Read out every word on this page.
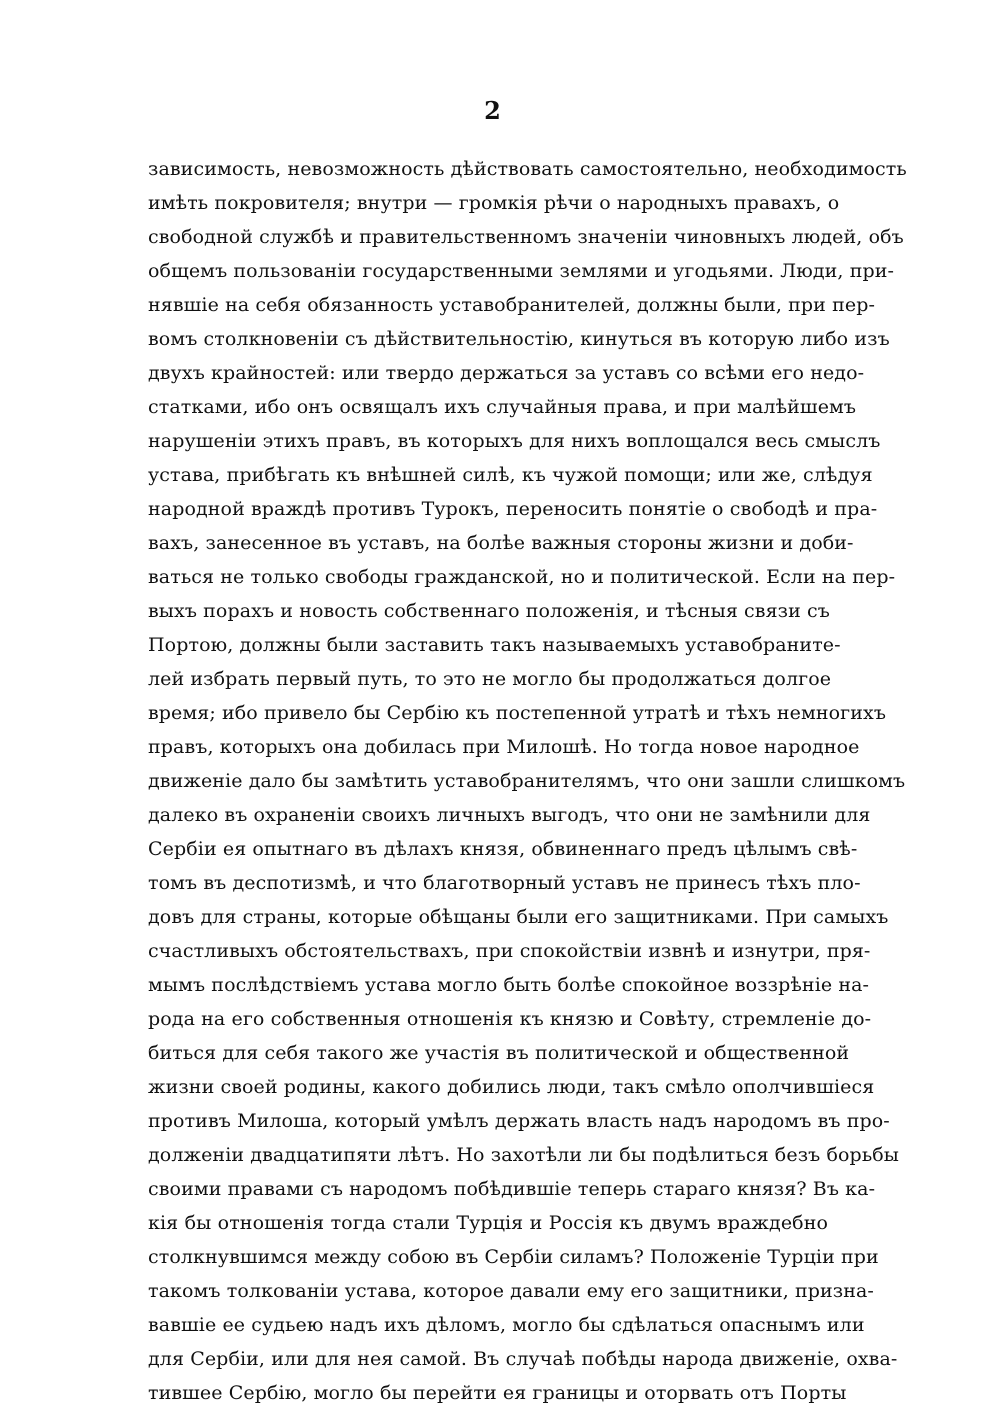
2
зависимость, невозможность дѣйствовать самостоятельно, необходимость
имѣть покровителя; внутри — громкія рѣчи о народныхъ правахъ, о
свободной службѣ и правительственномъ значеніи чиновныхъ людей, объ
общемъ пользованіи государственными землями и угодьями. Люди, при-
нявшіе на себя обязанность уставобранителей, должны были, при пер-
вомъ столкновеніи съ дѣйствительностію, кинуться въ которую либо изъ
двухъ крайностей: или твердо держаться за уставъ со всѣми его недо-
статками, ибо онъ освящалъ ихъ случайныя права, и при малѣйшемъ
нарушеніи этихъ правъ, въ которыхъ для нихъ воплощался весь смыслъ
устава, прибѣгать къ внѣшней силѣ, къ чужой помощи; или же, слѣдуя
народной враждѣ противъ Турокъ, переносить понятіе о свободѣ и пра-
вахъ, занесенное въ уставъ, на болѣе важныя стороны жизни и доби-
ваться не только свободы гражданской, но и политической. Если на пер-
выхъ порахъ и новость собственнаго положенія, и тѣсныя связи съ
Портою, должны были заставить такъ называемыхъ уставобраните-
лей избрать первый путь, то это не могло бы продолжаться долгое
время; ибо привело бы Сербію къ постепенной утратѣ и тѣхъ немногихъ
правъ, которыхъ она добилась при Милошѣ. Но тогда новое народное
движеніе дало бы замѣтить уставобранителямъ, что они зашли слишкомъ
далеко въ охраненіи своихъ личныхъ выгодъ, что они не замѣнили для
Сербіи ея опытнаго въ дѣлахъ князя, обвиненнаго предъ цѣлымъ свѣ-
томъ въ деспотизмѣ, и что благотворный уставъ не принесъ тѣхъ пло-
довъ для страны, которые обѣщаны были его защитниками. При самыхъ
счастливыхъ обстоятельствахъ, при спокойствіи извнѣ и изнутри, пря-
мымъ послѣдствіемъ устава могло быть болѣе спокойное воззрѣніе на-
рода на его собственныя отношенія къ князю и Совѣту, стремленіе до-
биться для себя такого же участія въ политической и общественной
жизни своей родины, какого добились люди, такъ смѣло ополчившіеся
противъ Милоша, который умѣлъ держать власть надъ народомъ въ про-
долженіи двадцатипяти лѣтъ. Но захотѣли ли бы подѣлиться безъ борьбы
своими правами съ народомъ побѣдившіе теперь стараго князя? Въ ка-
кія бы отношенія тогда стали Турція и Россія къ двумъ враждебно
столкнувшимся между собою въ Сербіи силамъ? Положеніе Турціи при
такомъ толкованіи устава, которое давали ему его защитники, призна-
вавшіе ее судьею надъ ихъ дѣломъ, могло бы сдѣлаться опаснымъ или
для Сербіи, или для нея самой. Въ случаѣ побѣды народа движеніе, охва-
тившее Сербію, могло бы перейти ея границы и оторвать отъ Порты
